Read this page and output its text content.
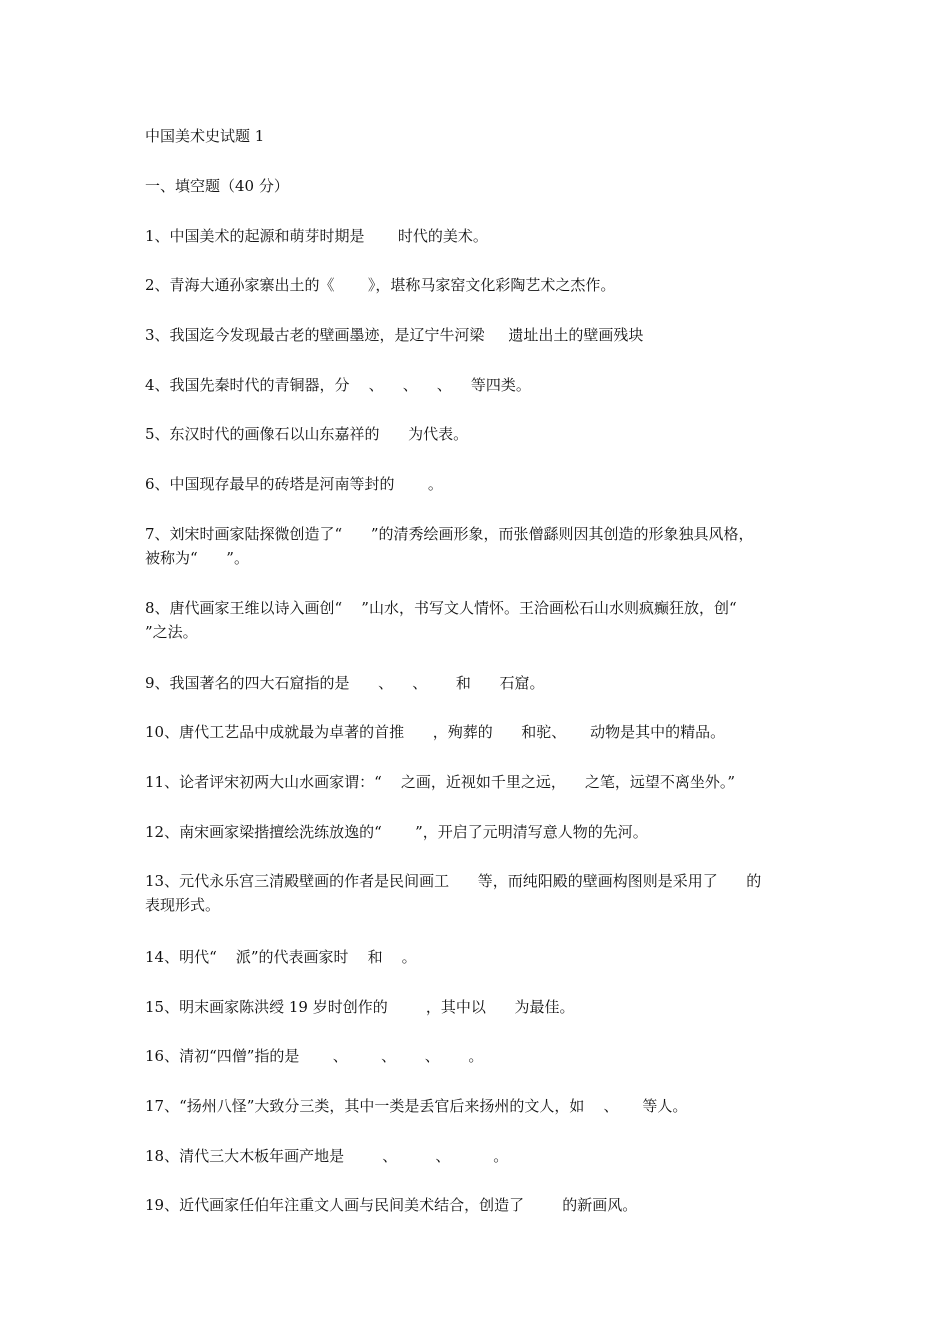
中国美术史试题 1
一、填空题（40 分）
1、中国美术的起源和萌芽时期是       时代的美术。
2、青海大通孙家寨出土的《       》，堪称马家窑文化彩陶艺术之杰作。
3、我国迄今发现最古老的壁画墨迹，是辽宁牛河梁     遗址出土的壁画残块
4、我国先秦时代的青铜器，分    、    、    、    等四类。
5、东汉时代的画像石以山东嘉祥的      为代表。
6、中国现存最早的砖塔是河南等封的       。
7、刘宋时画家陆探微创造了“      ”的清秀绘画形象，而张僧繇则因其创造的形象独具风格，
被称为“      ”。
8、唐代画家王维以诗入画创“    ”山水，书写文人情怀。王洽画松石山水则疯癫狂放，创“
”之法。
9、我国著名的四大石窟指的是      、    、      和      石窟。
10、唐代工艺品中成就最为卓著的首推      ，殉葬的      和驼、     动物是其中的精品。
11、论者评宋初两大山水画家谓：“    之画，近视如千里之远，    之笔，远望不离坐外。”
12、南宋画家梁揩擅绘洗练放逸的“       ”，开启了元明清写意人物的先河。
13、元代永乐宫三清殿壁画的作者是民间画工      等，而纯阳殿的壁画构图则是采用了      的
表现形式。
14、明代“    派”的代表画家时    和    。
15、明末画家陈洪绶 19 岁时创作的        ，其中以      为最佳。
16、清初“四僧”指的是       、       、      、      。
17、“扬州八怪”大致分三类，其中一类是丢官后来扬州的文人，如    、     等人。
18、清代三大木板年画产地是        、        、         。
19、近代画家任伯年注重文人画与民间美术结合，创造了        的新画风。
